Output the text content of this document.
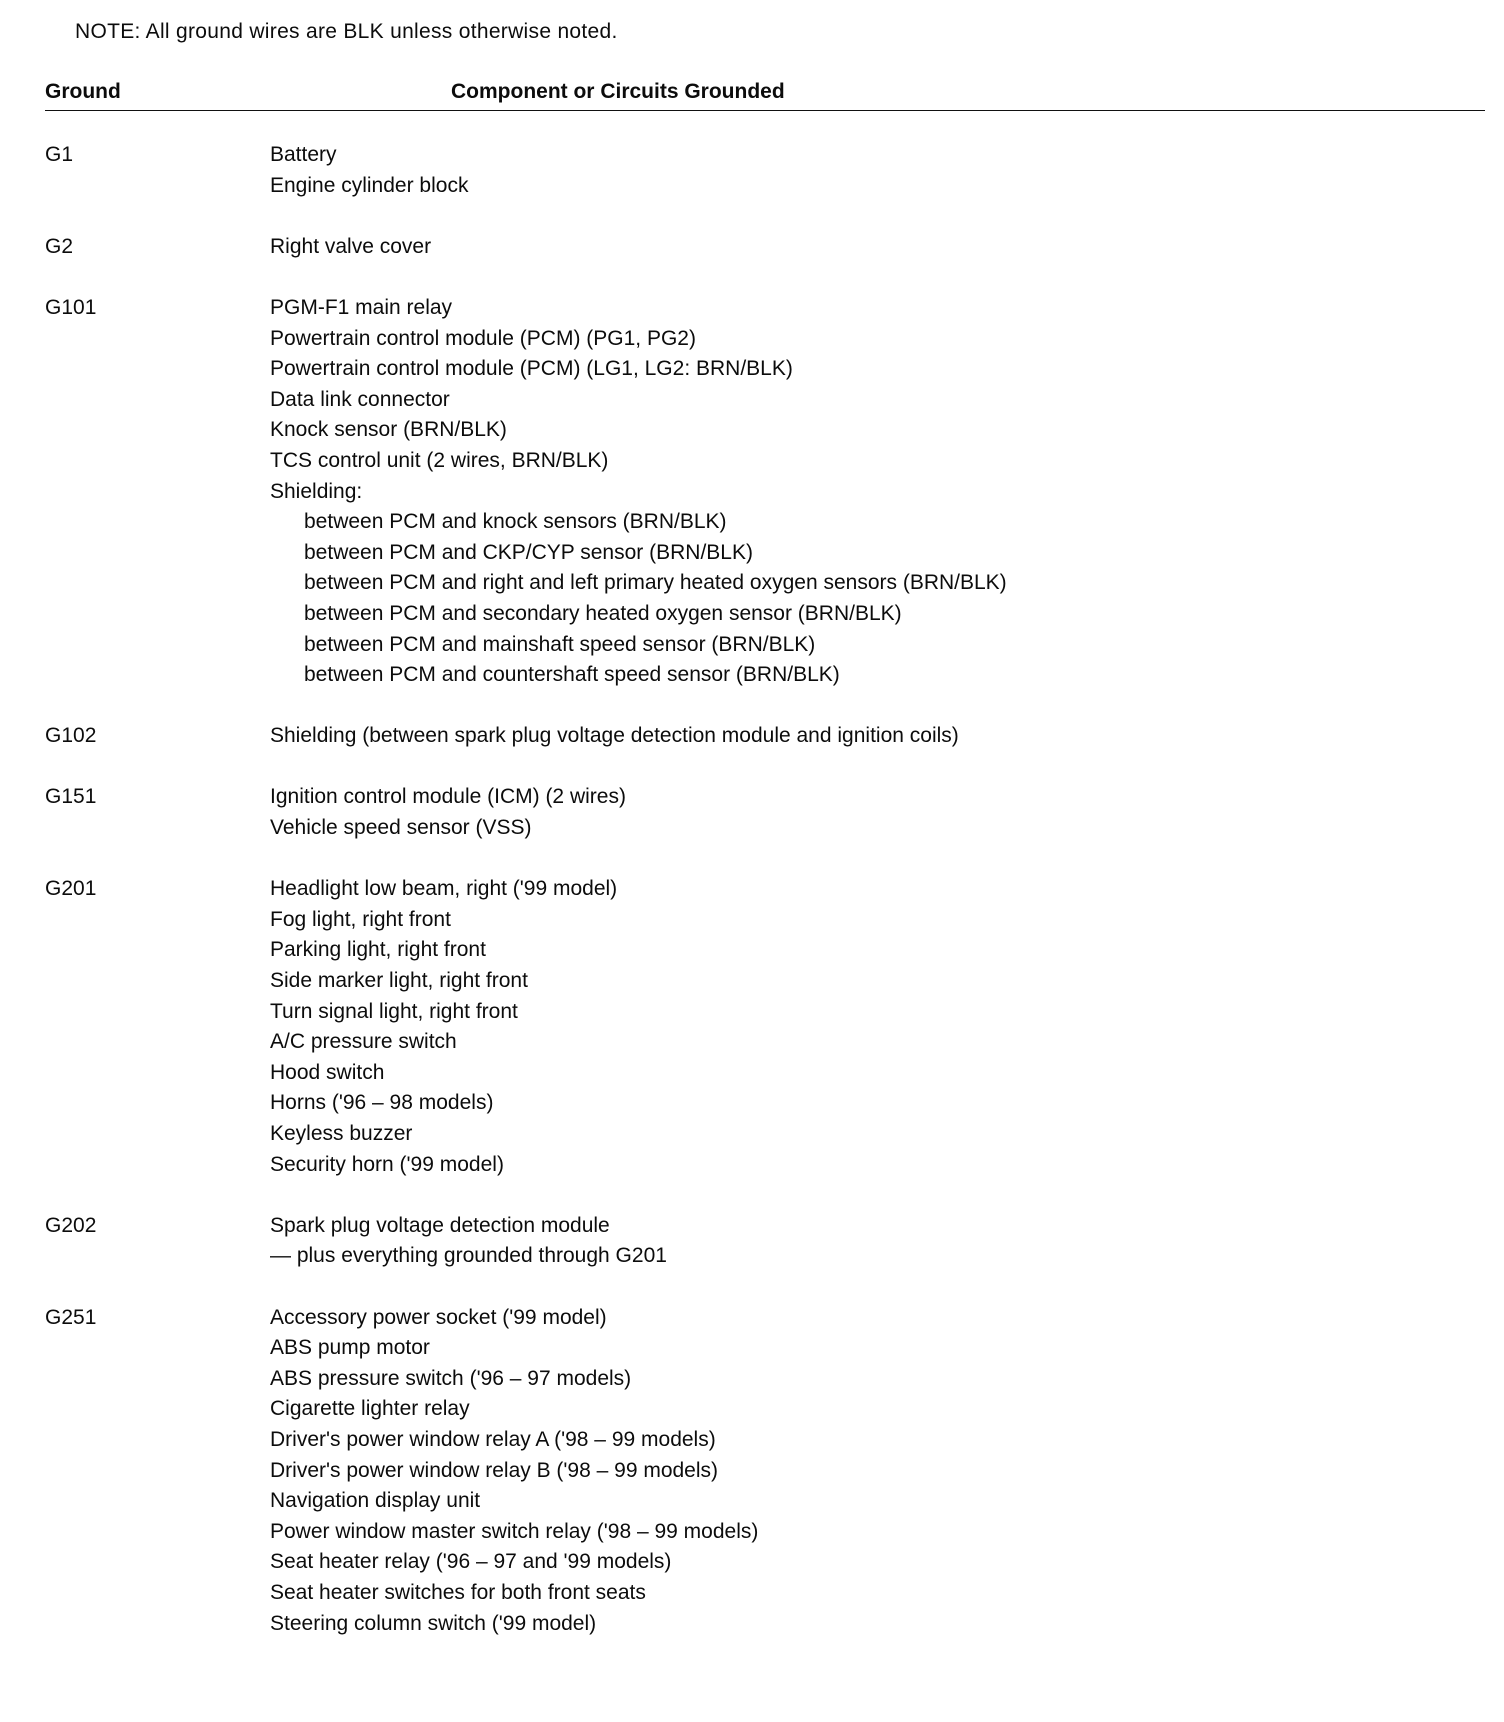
NOTE: All ground wires are BLK unless otherwise noted.
Ground	Component or Circuits Grounded
G1	Battery
Engine cylinder block
G2	Right valve cover
G101	PGM-F1 main relay
Powertrain control module (PCM) (PG1, PG2)
Powertrain control module (PCM) (LG1, LG2: BRN/BLK)
Data link connector
Knock sensor (BRN/BLK)
TCS control unit (2 wires, BRN/BLK)
Shielding:
between PCM and knock sensors (BRN/BLK)
between PCM and CKP/CYP sensor (BRN/BLK)
between PCM and right and left primary heated oxygen sensors (BRN/BLK)
between PCM and secondary heated oxygen sensor (BRN/BLK)
between PCM and mainshaft speed sensor (BRN/BLK)
between PCM and countershaft speed sensor (BRN/BLK)
G102	Shielding (between spark plug voltage detection module and ignition coils)
G151	Ignition control module (ICM) (2 wires)
Vehicle speed sensor (VSS)
G201	Headlight low beam, right ('99 model)
Fog light, right front
Parking light, right front
Side marker light, right front
Turn signal light, right front
A/C pressure switch
Hood switch
Horns ('96 – 98 models)
Keyless buzzer
Security horn ('99 model)
G202	Spark plug voltage detection module
— plus everything grounded through G201
G251	Accessory power socket ('99 model)
ABS pump motor
ABS pressure switch ('96 – 97 models)
Cigarette lighter relay
Driver's power window relay A ('98 – 99 models)
Driver's power window relay B ('98 – 99 models)
Navigation display unit
Power window master switch relay ('98 – 99 models)
Seat heater relay ('96 – 97 and '99 models)
Seat heater switches for both front seats
Steering column switch ('99 model)
